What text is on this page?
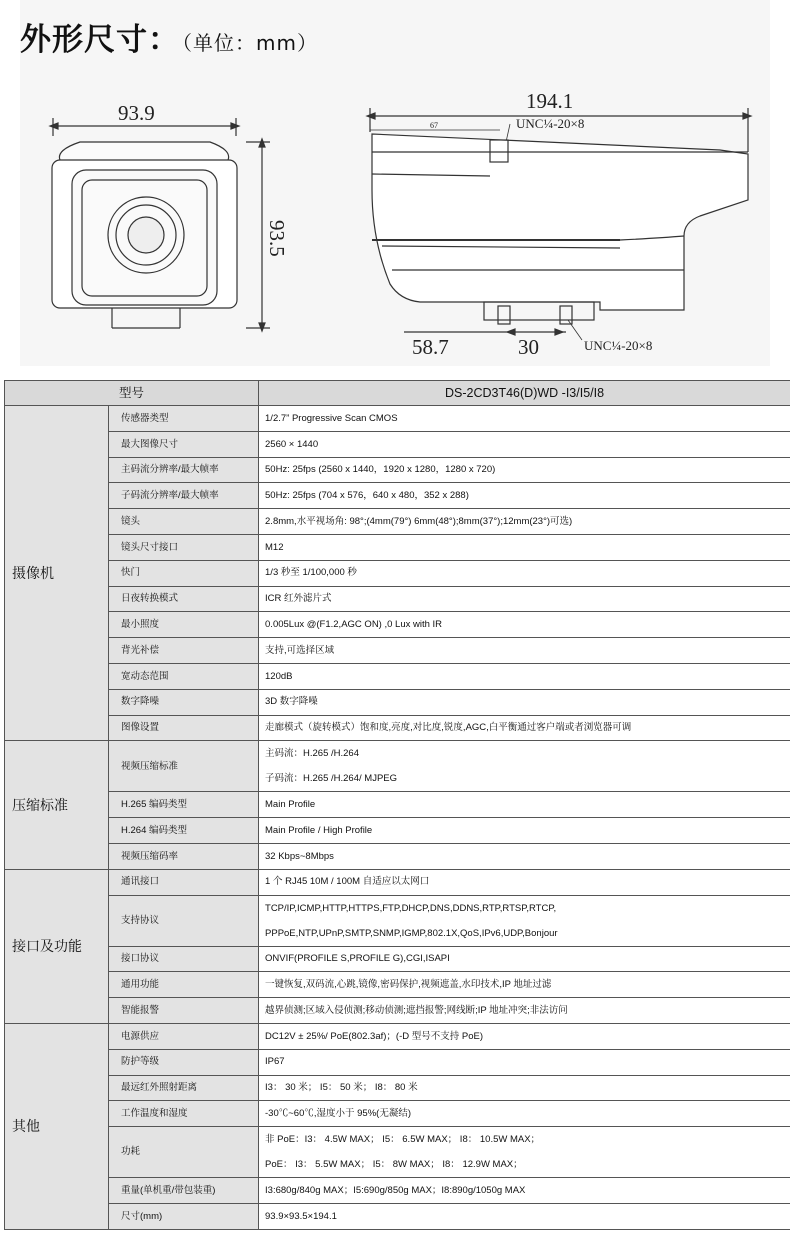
外形尺寸： （单位：mm）
93.9
93.5
194.1
67	UNC¼-20×8
58.7	30	UNC¼-20×8
型号		DS-2CD3T46(D)WD -I3/I5/I8
摄像机	传感器类型	1/2.7” Progressive Scan CMOS
	最大图像尺寸	2560 × 1440
	主码流分辨率/最大帧率	50Hz: 25fps (2560 x 1440，1920 x 1280，1280 x 720)
	子码流分辨率/最大帧率	50Hz: 25fps (704 x 576，640 x 480，352 x 288)
	镜头	2.8mm,水平视场角: 98°;(4mm(79°) 6mm(48°);8mm(37°);12mm(23°)可选)
	镜头尺寸接口	M12
	快门	1/3 秒至 1/100,000 秒
	日夜转换模式	ICR 红外滤片式
	最小照度	0.005Lux @(F1.2,AGC ON) ,0 Lux with IR
	背光补偿	支持,可选择区域
	宽动态范围	120dB
	数字降噪	3D 数字降噪
	图像设置	走廊模式（旋转模式）饱和度,亮度,对比度,锐度,AGC,白平衡通过客户端或者浏览器可调
压缩标准	视频压缩标准	主码流：H.265 /H.264
子码流：H.265 /H.264/ MJPEG

	H.265 编码类型	Main Profile
	H.264 编码类型	Main Profile / High Profile
	视频压缩码率	32 Kbps~8Mbps
接口及功能	通讯接口	1 个 RJ45 10M / 100M 自适应以太网口
	支持协议	TCP/IP,ICMP,HTTP,HTTPS,FTP,DHCP,DNS,DDNS,RTP,RTSP,RTCP,
PPPoE,NTP,UPnP,SMTP,SNMP,IGMP,802.1X,QoS,IPv6,UDP,Bonjour

	接口协议	ONVIF(PROFILE S,PROFILE G),CGI,ISAPI
	通用功能	一键恢复,双码流,心跳,镜像,密码保护,视频遮盖,水印技术,IP 地址过滤
	智能报警	越界侦测;区域入侵侦测;移动侦测;遮挡报警;网线断;IP 地址冲突;非法访问
其他	电源供应	DC12V ± 25%/ PoE(802.3af)；(-D 型号不支持 PoE)
	防护等级	IP67
	最远红外照射距离	I3： 30 米； I5： 50 米； I8： 80 米
	工作温度和湿度	-30℃~60℃,湿度小于 95%(无凝结)
	功耗	非 PoE：I3： 4.5W MAX； I5： 6.5W MAX； I8： 10.5W MAX；
PoE： I3： 5.5W MAX； I5： 8W MAX； I8： 12.9W MAX；

	重量(单机重/带包装重)	I3:680g/840g MAX；I5:690g/850g MAX；I8:890g/1050g MAX
	尺寸(mm)	93.9×93.5×194.1
